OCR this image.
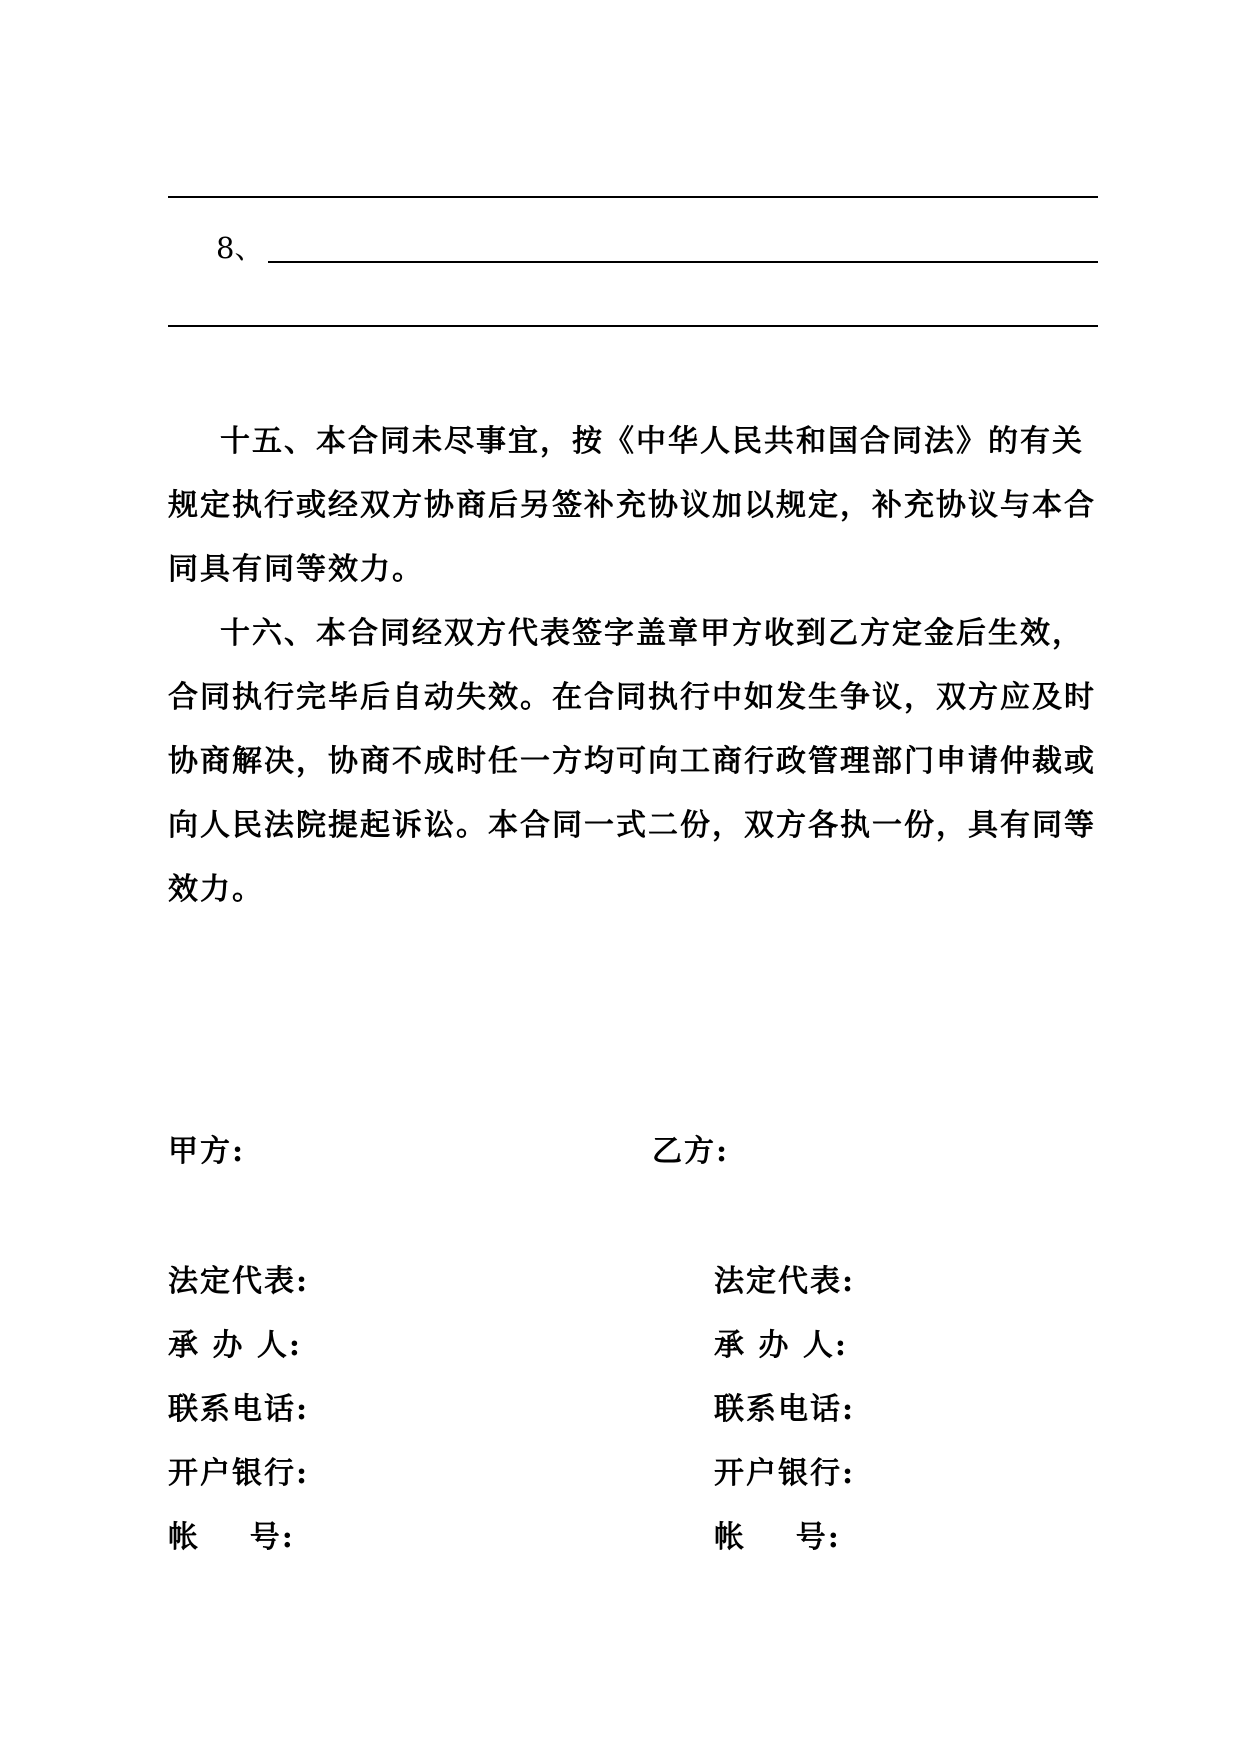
8、

十五、本合同未尽事宜，按《中华人民共和国合同法》的有关规定执行或经双方协商后另签补充协议加以规定，补充协议与本合同具有同等效力。

十六、本合同经双方代表签字盖章甲方收到乙方定金后生效，合同执行完毕后自动失效。在合同执行中如发生争议，双方应及时协商解决，协商不成时任一方均可向工商行政管理部门申请仲裁或向人民法院提起诉讼。本合同一式二份，双方各执一份，具有同等效力。

甲方:
法定代表:
承 办 人:
联系电话:
开户银行:
帐    号:
乙方:
法定代表:
承 办 人:
联系电话:
开户银行:
帐    号:
